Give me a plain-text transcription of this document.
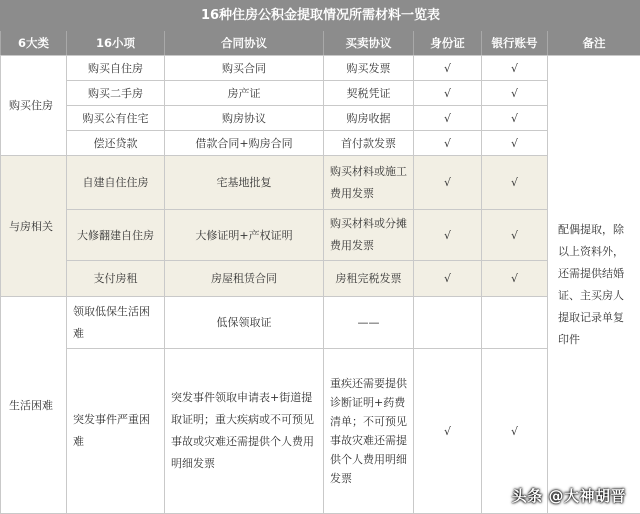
16种住房公积金提取情况所需材料一览表						
6大类	16小项	合同协议	买卖协议	身份证	银行账号	备注
购买住房	购买自住房	购买合同	购买发票	√	√	配偶提取，除以上资料外，还需提供结婚证、主买房人提取记录单复印件
	购买二手房	房产证	契税凭证	√	√	
	购买公有住宅	购房协议	购房收据	√	√	
	偿还贷款	借款合同+购房合同	首付款发票	√	√	
与房相关	自建自住住房	宅基地批复	购买材料或施工费用发票	√	√	
	大修翻建自住房	大修证明+产权证明	购买材料或分摊费用发票	√	√	
	支付房租	房屋租赁合同	房租完税发票	√	√	
生活困难	领取低保生活困难	低保领取证	——			
	突发事件严重困难	突发事件领取申请表+街道提取证明；重大疾病或不可预见事故或灾难还需提供个人费用明细发票	重疾还需要提供诊断证明+药费清单；不可预见事故灾难还需提供个人费用明细发票	√	√	
头条 @大神胡晋
